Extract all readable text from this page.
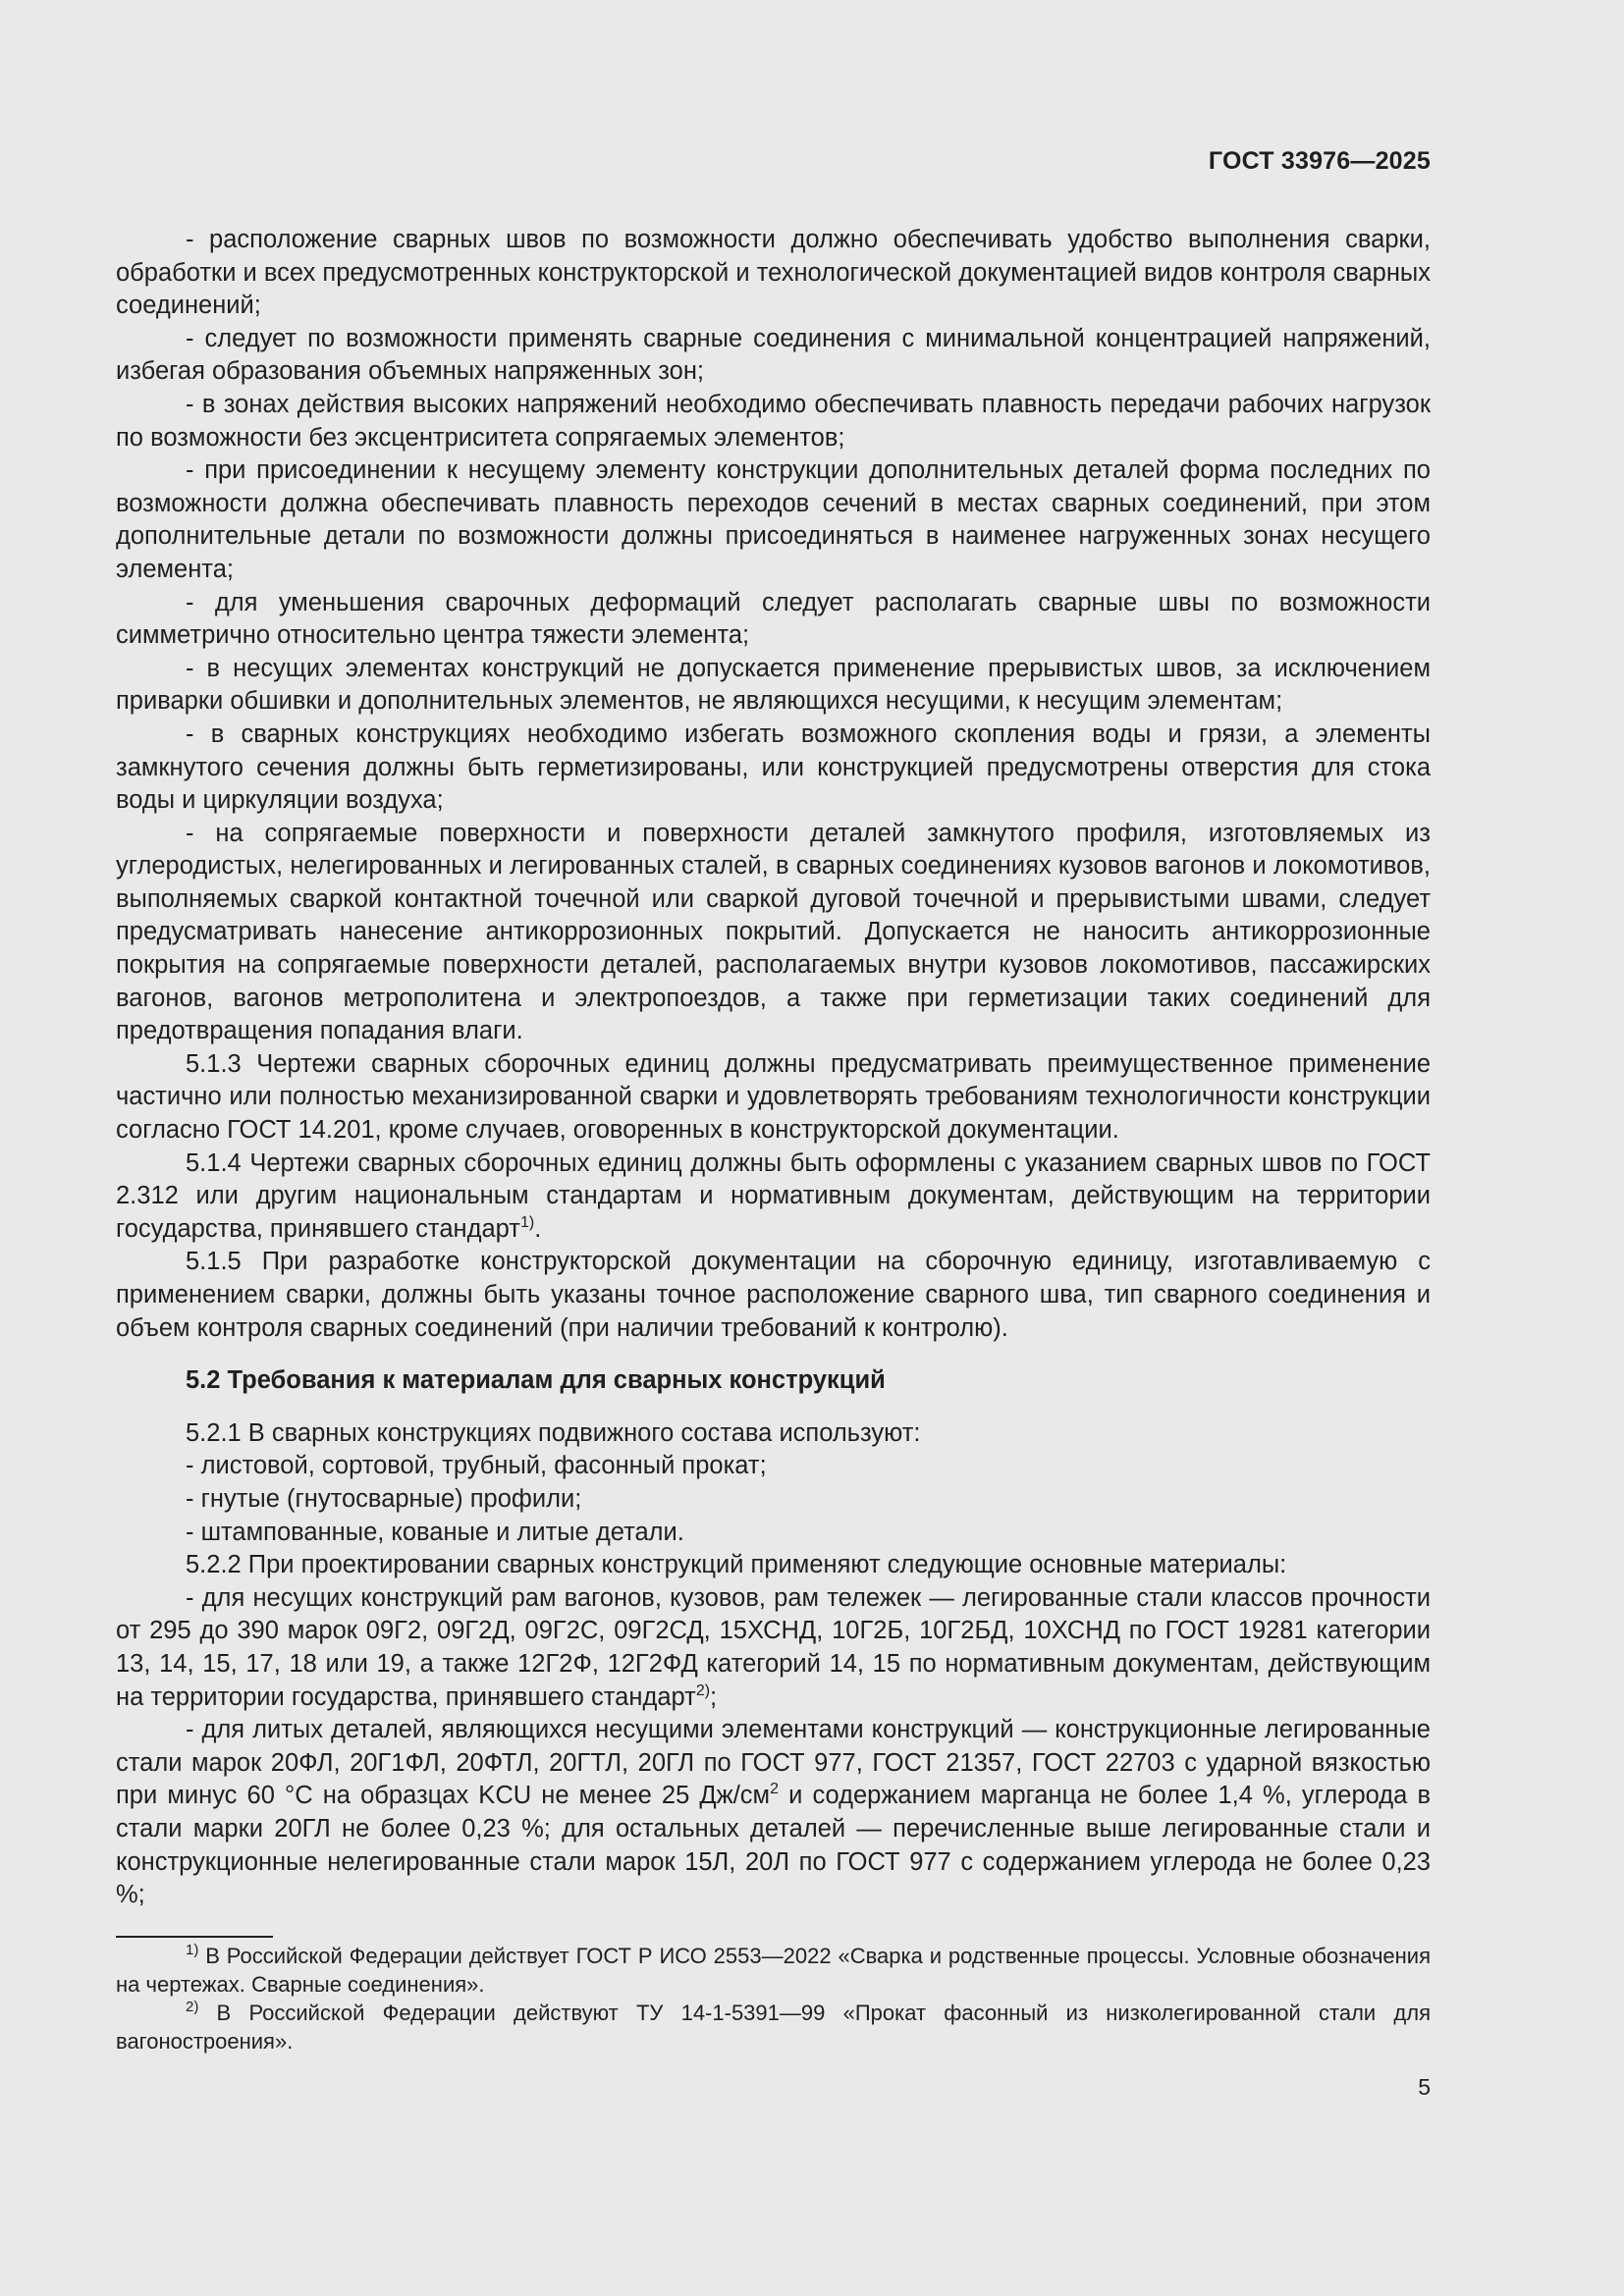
ГОСТ 33976—2025

- расположение сварных швов по возможности должно обеспечивать удобство выполнения сварки, обработки и всех предусмотренных конструкторской и технологической документацией видов контроля сварных соединений;

- следует по возможности применять сварные соединения с минимальной концентрацией напряжений, избегая образования объемных напряженных зон;

- в зонах действия высоких напряжений необходимо обеспечивать плавность передачи рабочих нагрузок по возможности без эксцентриситета сопрягаемых элементов;

- при присоединении к несущему элементу конструкции дополнительных деталей форма последних по возможности должна обеспечивать плавность переходов сечений в местах сварных соединений, при этом дополнительные детали по возможности должны присоединяться в наименее нагруженных зонах несущего элемента;

- для уменьшения сварочных деформаций следует располагать сварные швы по возможности симметрично относительно центра тяжести элемента;

- в несущих элементах конструкций не допускается применение прерывистых швов, за исключением приварки обшивки и дополнительных элементов, не являющихся несущими, к несущим элементам;

- в сварных конструкциях необходимо избегать возможного скопления воды и грязи, а элементы замкнутого сечения должны быть герметизированы, или конструкцией предусмотрены отверстия для стока воды и циркуляции воздуха;

- на сопрягаемые поверхности и поверхности деталей замкнутого профиля, изготовляемых из углеродистых, нелегированных и легированных сталей, в сварных соединениях кузовов вагонов и локомотивов, выполняемых сваркой контактной точечной или сваркой дуговой точечной и прерывистыми швами, следует предусматривать нанесение антикоррозионных покрытий. Допускается не наносить антикоррозионные покрытия на сопрягаемые поверхности деталей, располагаемых внутри кузовов локомотивов, пассажирских вагонов, вагонов метрополитена и электропоездов, а также при герметизации таких соединений для предотвращения попадания влаги.

5.1.3 Чертежи сварных сборочных единиц должны предусматривать преимущественное применение частично или полностью механизированной сварки и удовлетворять требованиям технологичности конструкции согласно ГОСТ 14.201, кроме случаев, оговоренных в конструкторской документации.

5.1.4 Чертежи сварных сборочных единиц должны быть оформлены с указанием сварных швов по ГОСТ 2.312 или другим национальным стандартам и нормативным документам, действующим на территории государства, принявшего стандарт$^{1)}$.

5.1.5 При разработке конструкторской документации на сборочную единицу, изготавливаемую с применением сварки, должны быть указаны точное расположение сварного шва, тип сварного соединения и объем контроля сварных соединений (при наличии требований к контролю).

5.2 Требования к материалам для сварных конструкций

5.2.1 В сварных конструкциях подвижного состава используют:

- листовой, сортовой, трубный, фасонный прокат;

- гнутые (гнутосварные) профили;

- штампованные, кованые и литые детали.

5.2.2 При проектировании сварных конструкций применяют следующие основные материалы:

- для несущих конструкций рам вагонов, кузовов, рам тележек — легированные стали классов прочности от 295 до 390 марок 09Г2, 09Г2Д, 09Г2С, 09Г2СД, 15ХСНД, 10Г2Б, 10Г2БД, 10ХСНД по ГОСТ 19281 категории 13, 14, 15, 17, 18 или 19, а также 12Г2Ф, 12Г2ФД категорий 14, 15 по нормативным документам, действующим на территории государства, принявшего стандарт$^{2)}$;

- для литых деталей, являющихся несущими элементами конструкций — конструкционные легированные стали марок 20ФЛ, 20Г1ФЛ, 20ФТЛ, 20ГТЛ, 20ГЛ по ГОСТ 977, ГОСТ 21357, ГОСТ 22703 с ударной вязкостью при минус 60 °С на образцах KCU не менее 25 $Дж/см^2$ и содержанием марганца не более 1,4 %, углерода в стали марки 20ГЛ не более 0,23 %; для остальных деталей — перечисленные выше легированные стали и конструкционные нелегированные стали марок 15Л, 20Л по ГОСТ 977 с содержанием углерода не более 0,23 %;

$^{1)}$ В Российской Федерации действует ГОСТ Р ИСО 2553—2022 «Сварка и родственные процессы. Условные обозначения на чертежах. Сварные соединения».

$^{2)}$ В Российской Федерации действуют ТУ 14-1-5391—99 «Прокат фасонный из низколегированной стали для вагоностроения».

5
